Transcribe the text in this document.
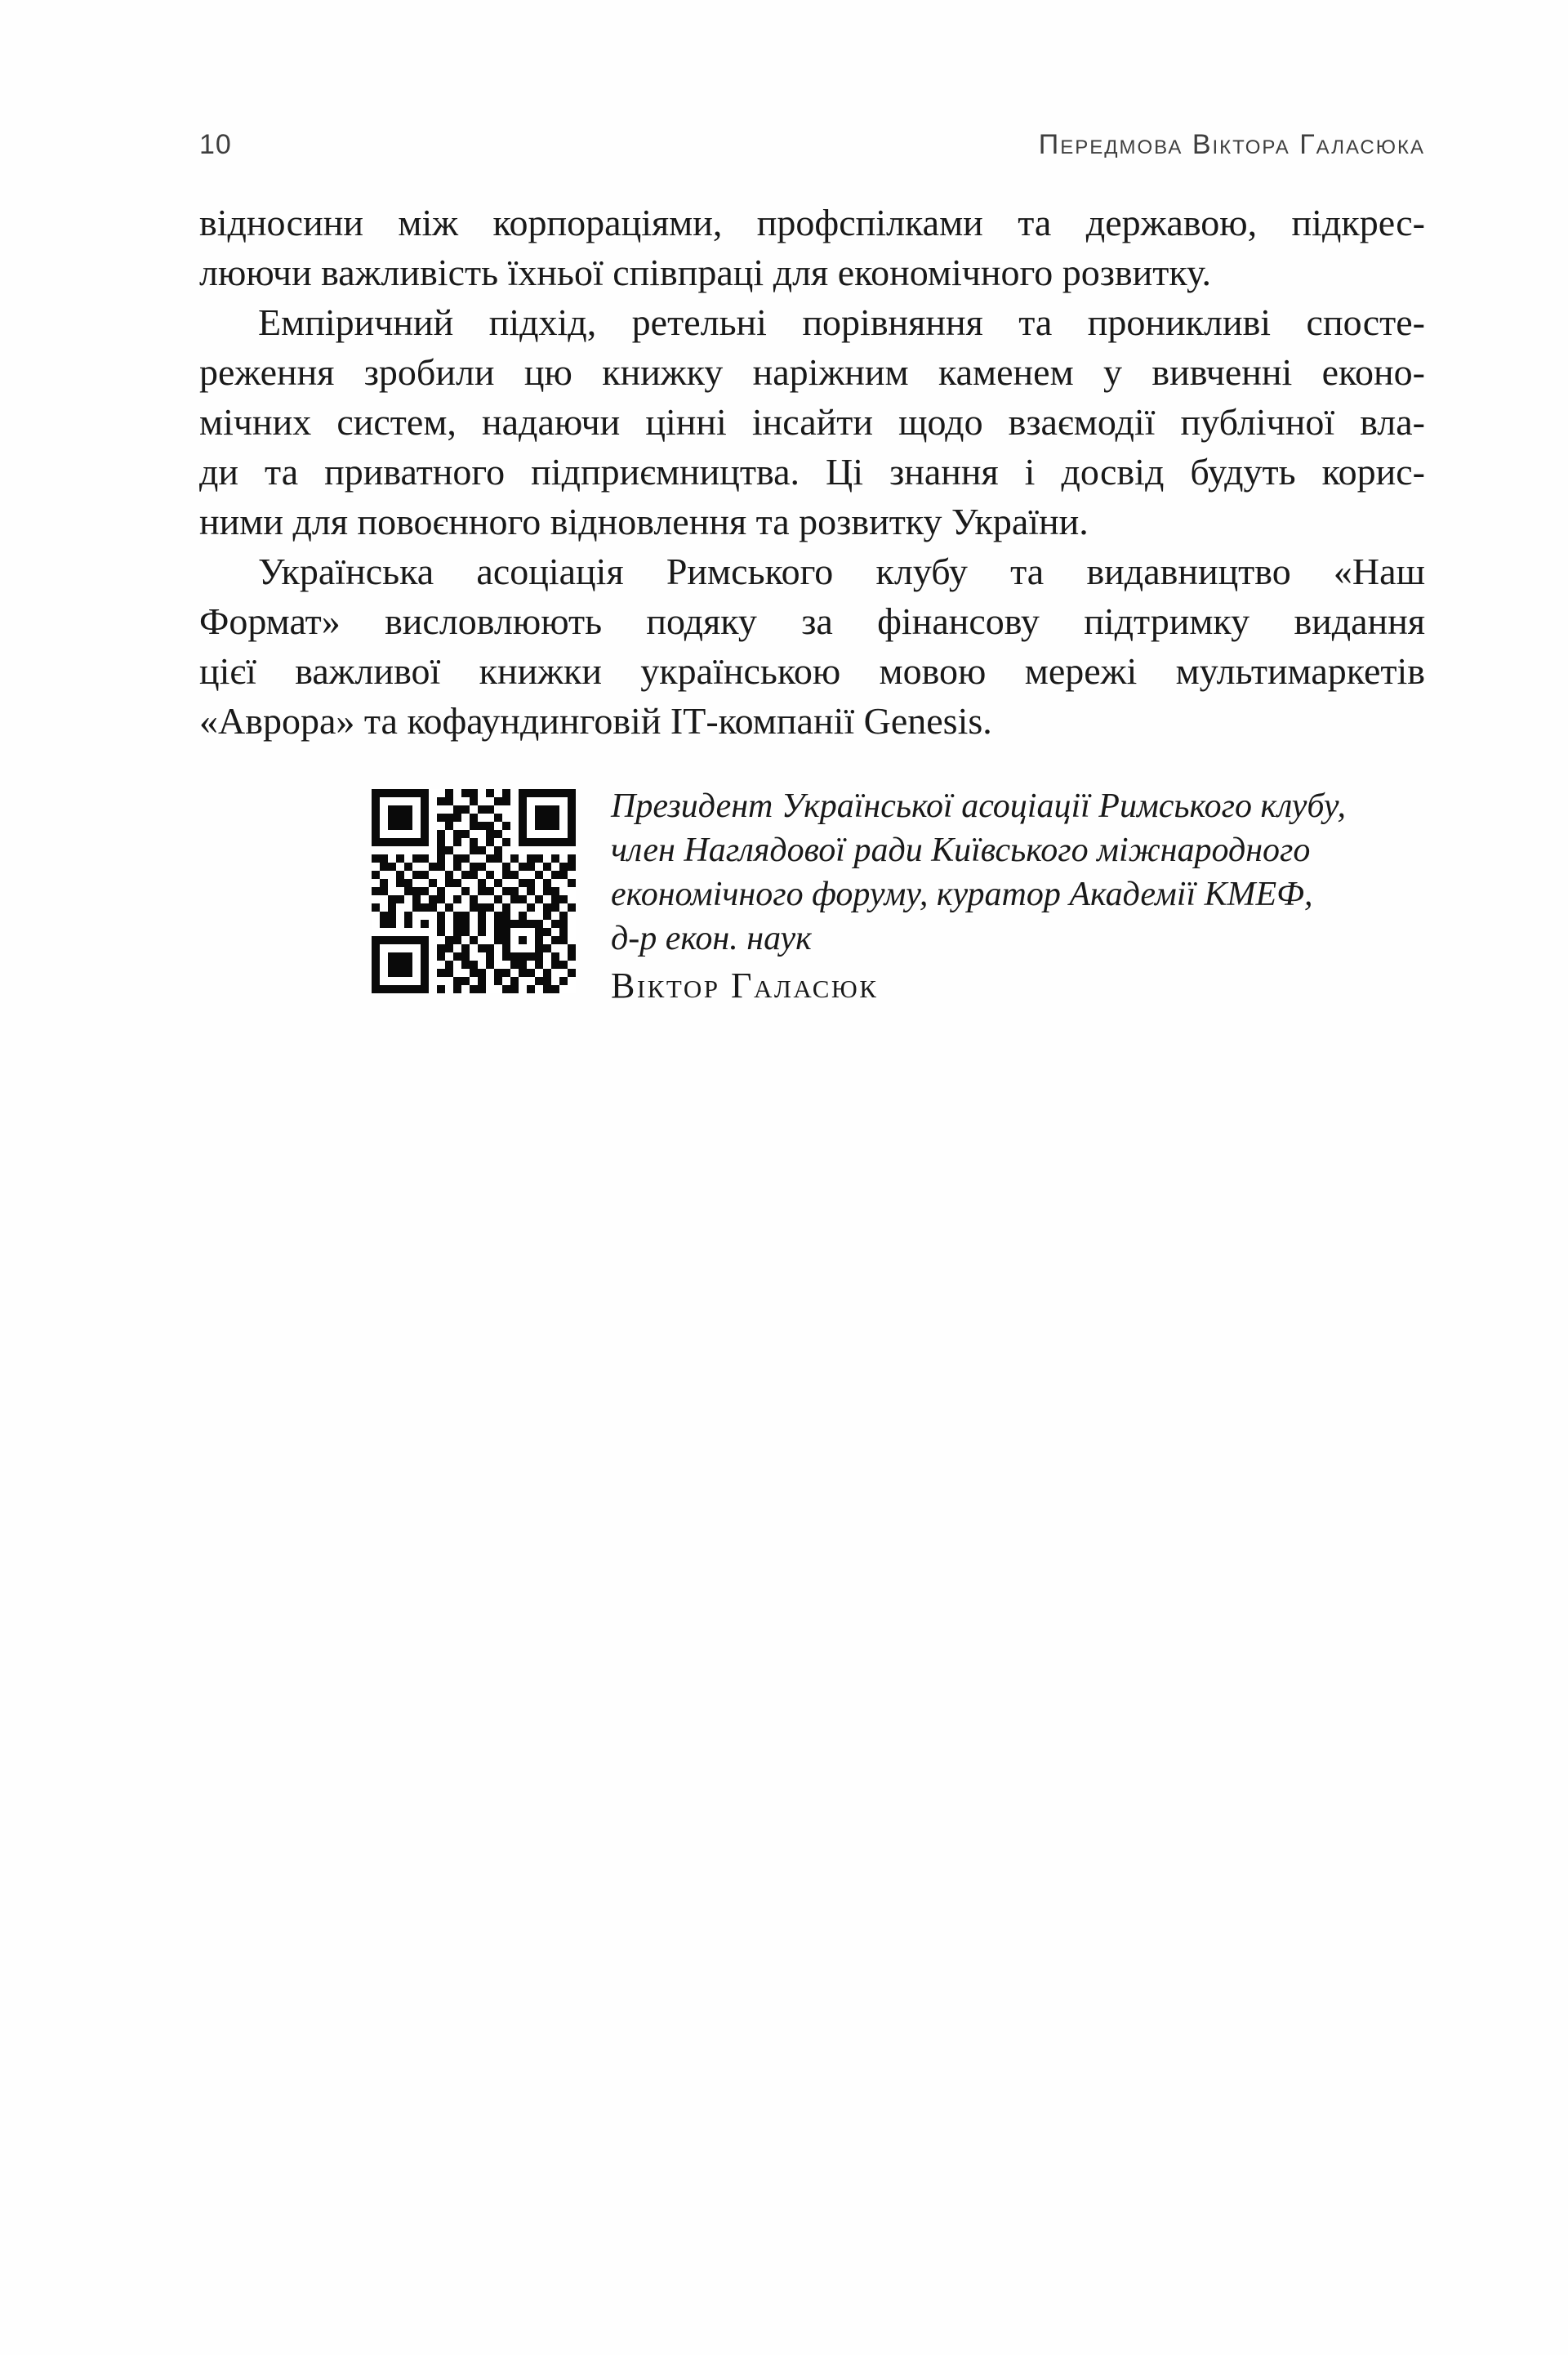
10	Передмова Віктора Галасюка
відносини між корпораціями, профспілками та державою, підкрес-
люючи важливість їхньої співпраці для економічного розвитку.
Емпіричний підхід, ретельні порівняння та проникливі спосте-
реження зробили цю книжку наріжним каменем у вивченні еконо-
мічних систем, надаючи цінні інсайти щодо взаємодії публічної вла-
ди та приватного підприємництва. Ці знання і досвід будуть корис-
ними для повоєнного відновлення та розвитку України.
Українська асоціація Римського клубу та видавництво «Наш
Формат» висловлюють подяку за фінансову підтримку видання
цієї важливої книжки українською мовою мережі мультимаркетів
«Аврора» та кофаундинговій ІТ-компанії Genesis.
Президент Української асоціації Римського клубу,
член Наглядової ради Київського міжнародного
економічного форуму, куратор Академії КМЕФ,
д-р екон. наук
Віктор Галасюк
